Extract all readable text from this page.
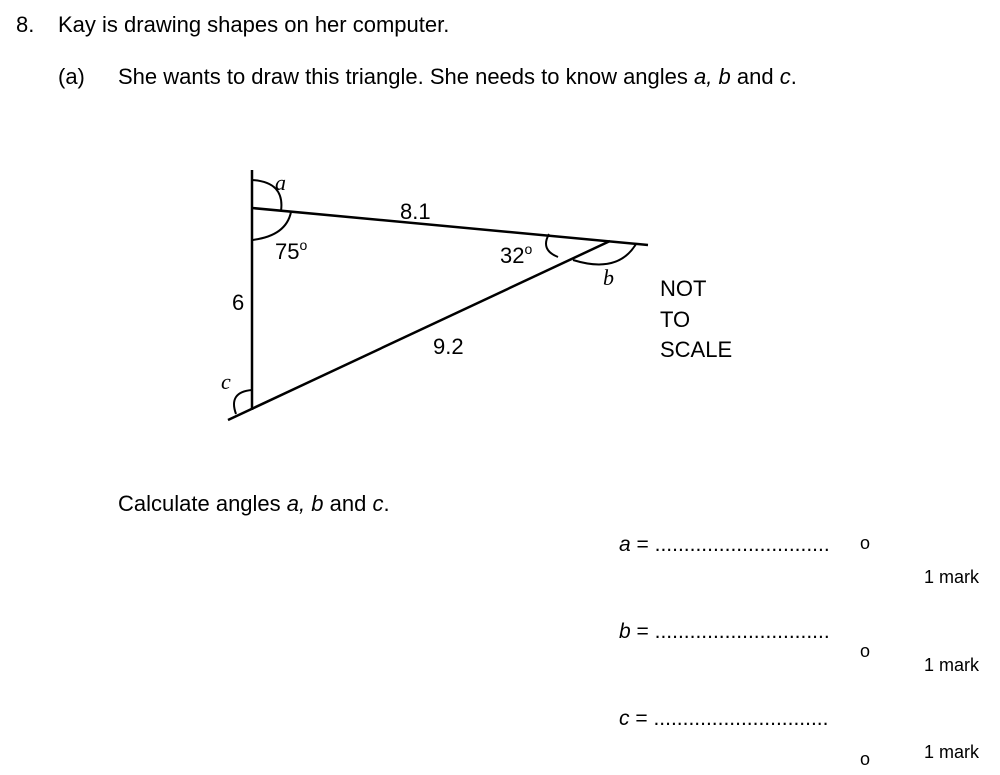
8. Kay is drawing shapes on her computer.
(a) She wants to draw this triangle. She needs to know angles a, b and c.
a
8.1
75$^o$	32$^o$
b
6
9.2
c
NOT
TO
SCALE
Calculate angles a, b and c.
a = .............................. o
1 mark
b = ..............................
o
1 mark
c = ..............................
o	1 mark
